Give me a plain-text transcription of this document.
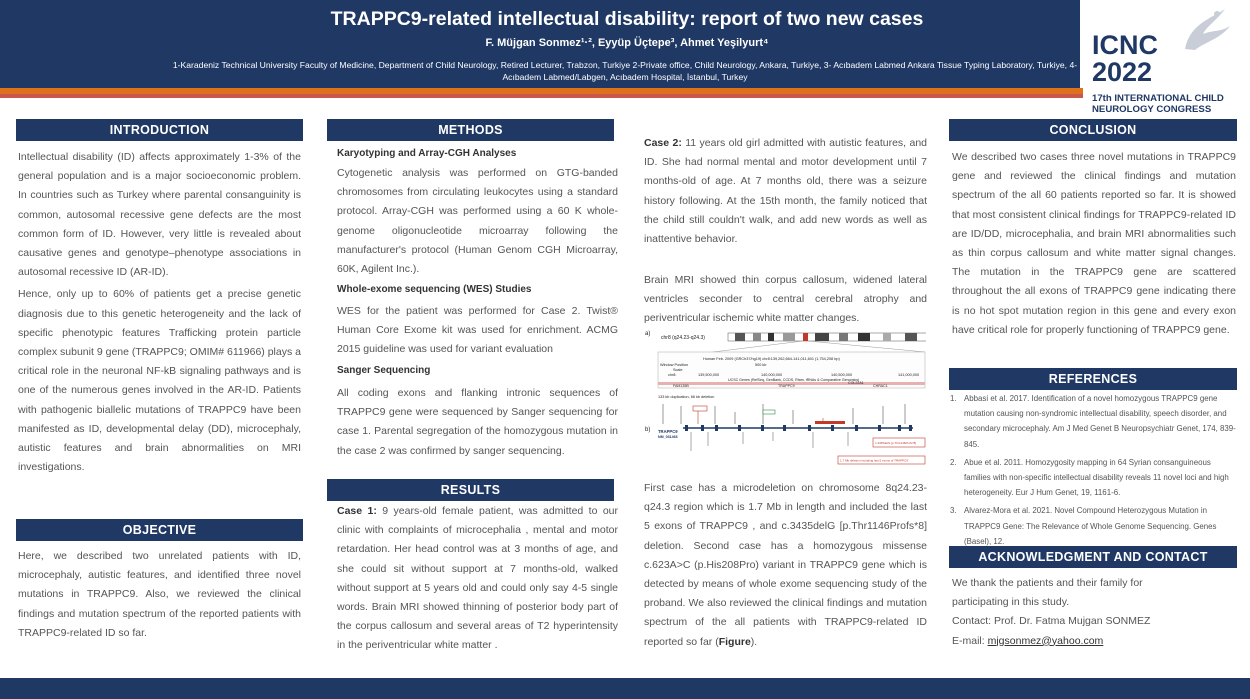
TRAPPC9-related intellectual disability: report of two new cases
F. Müjgan Sonmez¹·², Eyyüp Üçtepe³, Ahmet Yeşilyurt⁴
1-Karadeniz Technical University Faculty of Medicine, Department of Child Neurology, Retired Lecturer, Trabzon, Turkiye 2-Private office, Child Neurology, Ankara, Turkiye, 3- Acıbadem Labmed Ankara Tissue Typing Laboratory, Turkiye, 4- Acıbadem Labmed/Labgen, Acıbadem Hospital, İstanbul, Turkey
ICNC
2022
17th INTERNATIONAL CHILD
NEUROLOGY CONGRESS
INTRODUCTION

Intellectual disability (ID) affects approximately 1-3% of the general population and is a major socioeconomic problem. In countries such as Turkey where parental consanguinity is common, autosomal recessive gene defects are the most common form of ID. However, very little is revealed about causative genes and genotype–phenotype associations in autosomal recessive ID (AR-ID).

Hence, only up to 60% of patients get a precise genetic diagnosis due to this genetic heterogeneity and the lack of specific phenotypic features Trafficking protein particle complex subunit 9 gene (TRAPPC9; OMIM# 611966) plays a critical role in the neuronal NF-kB signaling pathways and is one of the numerous genes involved in the AR-ID. Patients with pathogenic biallelic mutations of TRAPPC9 have been manifested as ID, developmental delay (DD), microcephaly, autistic features and brain abnormalities on MRI investigations.

OBJECTIVE
Here, we described two unrelated patients with ID, microcephaly, autistic features, and identified three novel mutations in TRAPPC9. Also, we reviewed the clinical findings and mutation spectrum of the reported patients with TRAPPC9-related ID so far.
METHODS
Karyotyping and Array-CGH Analyses
Cytogenetic analysis was performed on GTG-banded chromosomes from circulating leukocytes using a standard protocol. Array-CGH was performed using a 60 K whole-genome oligonucleotide microarray following the manufacturer's protocol (Human Genom CGH Microarray, 60K, Agilent Inc.).
Whole-exome sequencing (WES) Studies
WES for the patient was performed for Case 2. Twist® Human Core Exome kit was used for enrichment. ACMG 2015 guideline was used for variant evaluation
Sanger Sequencing
All coding exons and flanking intronic sequences of TRAPPC9 gene were sequenced by Sanger sequencing for case 1. Parental segregation of the homozygous mutation in the case 2 was confirmed by sanger sequencing.
RESULTS
Case 1: 9 years-old female patient, was admitted to our clinic with complaints of microcephalia , mental and motor retardation. Her head control was at 3 months of age, and she could sit without support at 7 months-old, walked without support at 5 years old and could only say 4-5 single words. Brain MRI showed thinning of posterior body part of the corpus callosum and several areas of T2 hyperintensity in the periventricular white matter .
Case 2: 11 years old girl admitted with autistic features, and ID. She had normal mental and motor development until 7 months-old of age. At 7 months old, there was a seizure history following. At the 15th month, the family noticed that the child still couldn't walk, and add new words as well as inattentive behavior.
Brain MRI showed thin corpus callosum, widened lateral ventricles seconder to central cerebral atrophy and periventricular ischemic white matter changes.
a)
chr8 (q24.23-q24.3)
Human Feb. 2009 (GRCh37/hg19) chr8:139,262,664-141,011,601 (1,754,208 bp)
500 kb
Window Position
Scale
chr8:	139,500,000	140,000,000	140,500,000	141,000,000
UCSC Genes (RefSeq, GenBank, CCDS, Rfam, tRNAs & Comparative Genomics)
FAM135B
COL22A1
TRAPPC9	CHRAC1
133 kb duplication, 66 kb deletion
b) TRAPPC9
NM_031466
c.3435delG [p.Thr1146Profs*8]
1.7 Mb deletion including last 5 exons of TRAPPC9
First case has a microdeletion on chromosome 8q24.23-q24.3 region which is 1.7 Mb in length and included the last 5 exons of TRAPPC9 , and c.3435delG [p.Thr1146Profs*8] deletion. Second case has a homozygous missense c.623A>C (p.His208Pro) variant in TRAPPC9 gene which is detected by means of whole exome sequencing study of the proband. We also reviewed the clinical findings and mutation spectrum of the all patients with TRAPPC9-related ID reported so far (Figure).
CONCLUSION
We described two cases three novel mutations in TRAPPC9 gene and reviewed the clinical findings and mutation spectrum of the all 60 patients reported so far. It is showed that most consistent clinical findings for TRAPPC9-related ID are ID/DD, microcephalia, and brain MRI abnormalities such as thin corpus callosum and white matter signal changes. The mutation in the TRAPPC9 gene are scattered throughout the all exons of TRAPPC9 gene indicating there is no hot spot mutation region in this gene and every exon have critical role for properly functioning of TRAPPC9 gene.
REFERENCES
1. Abbasi et al. 2017. Identification of a novel homozygous TRAPPC9 gene mutation causing non-syndromic intellectual disability, speech disorder, and secondary microcephaly. Am J Med Genet B Neuropsychiatr Genet, 174, 839-845.
2. Abue et al. 2011. Homozygosity mapping in 64 Syrian consanguineous families with non-specific intellectual disability reveals 11 novel loci and high heterogeneity. Eur J Hum Genet, 19, 1161-6.
3. Alvarez-Mora et al. 2021. Novel Compound Heterozygous Mutation in TRAPPC9 Gene: The Relevance of Whole Genome Sequencing. Genes (Basel), 12.
ACKNOWLEDGMENT AND CONTACT
We thank the patients and their family for participating in this study.
Contact: Prof. Dr. Fatma Mujgan SONMEZ
E-mail: mjgsonmez@yahoo.com
